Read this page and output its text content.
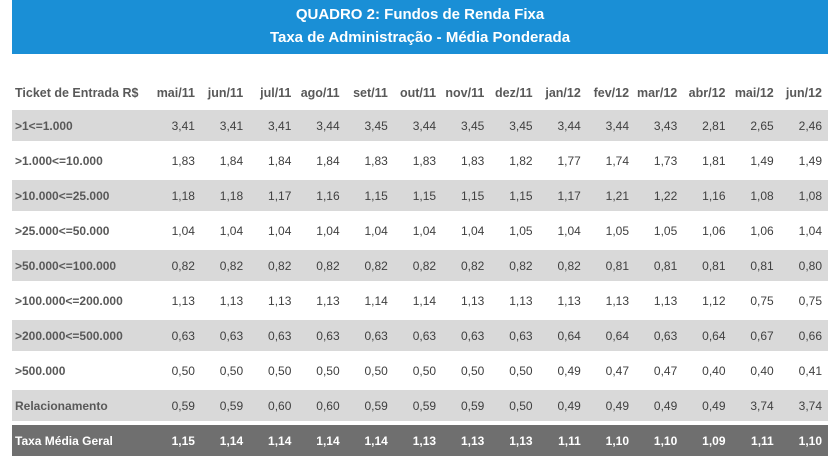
QUADRO 2: Fundos de Renda Fixa
Taxa de Administração - Média Ponderada
Ticket de Entrada R$	mai/11	jun/11	jul/11	ago/11	set/11	out/11	nov/11	dez/11	jan/12	fev/12	mar/12	abr/12	mai/12	jun/12
>1<=1.000	3,41	3,41	3,41	3,44	3,45	3,44	3,45	3,45	3,44	3,44	3,43	2,81	2,65	2,46
>1.000<=10.000	1,83	1,84	1,84	1,84	1,83	1,83	1,83	1,82	1,77	1,74	1,73	1,81	1,49	1,49
>10.000<=25.000	1,18	1,18	1,17	1,16	1,15	1,15	1,15	1,15	1,17	1,21	1,22	1,16	1,08	1,08
>25.000<=50.000	1,04	1,04	1,04	1,04	1,04	1,04	1,04	1,05	1,04	1,05	1,05	1,06	1,06	1,04
>50.000<=100.000	0,82	0,82	0,82	0,82	0,82	0,82	0,82	0,82	0,82	0,81	0,81	0,81	0,81	0,80
>100.000<=200.000	1,13	1,13	1,13	1,13	1,14	1,14	1,13	1,13	1,13	1,13	1,13	1,12	0,75	0,75
>200.000<=500.000	0,63	0,63	0,63	0,63	0,63	0,63	0,63	0,63	0,64	0,64	0,63	0,64	0,67	0,66
>500.000	0,50	0,50	0,50	0,50	0,50	0,50	0,50	0,50	0,49	0,47	0,47	0,40	0,40	0,41
Relacionamento	0,59	0,59	0,60	0,60	0,59	0,59	0,59	0,50	0,49	0,49	0,49	0,49	3,74	3,74
Taxa Média Geral	1,15	1,14	1,14	1,14	1,14	1,13	1,13	1,13	1,11	1,10	1,10	1,09	1,11	1,10
